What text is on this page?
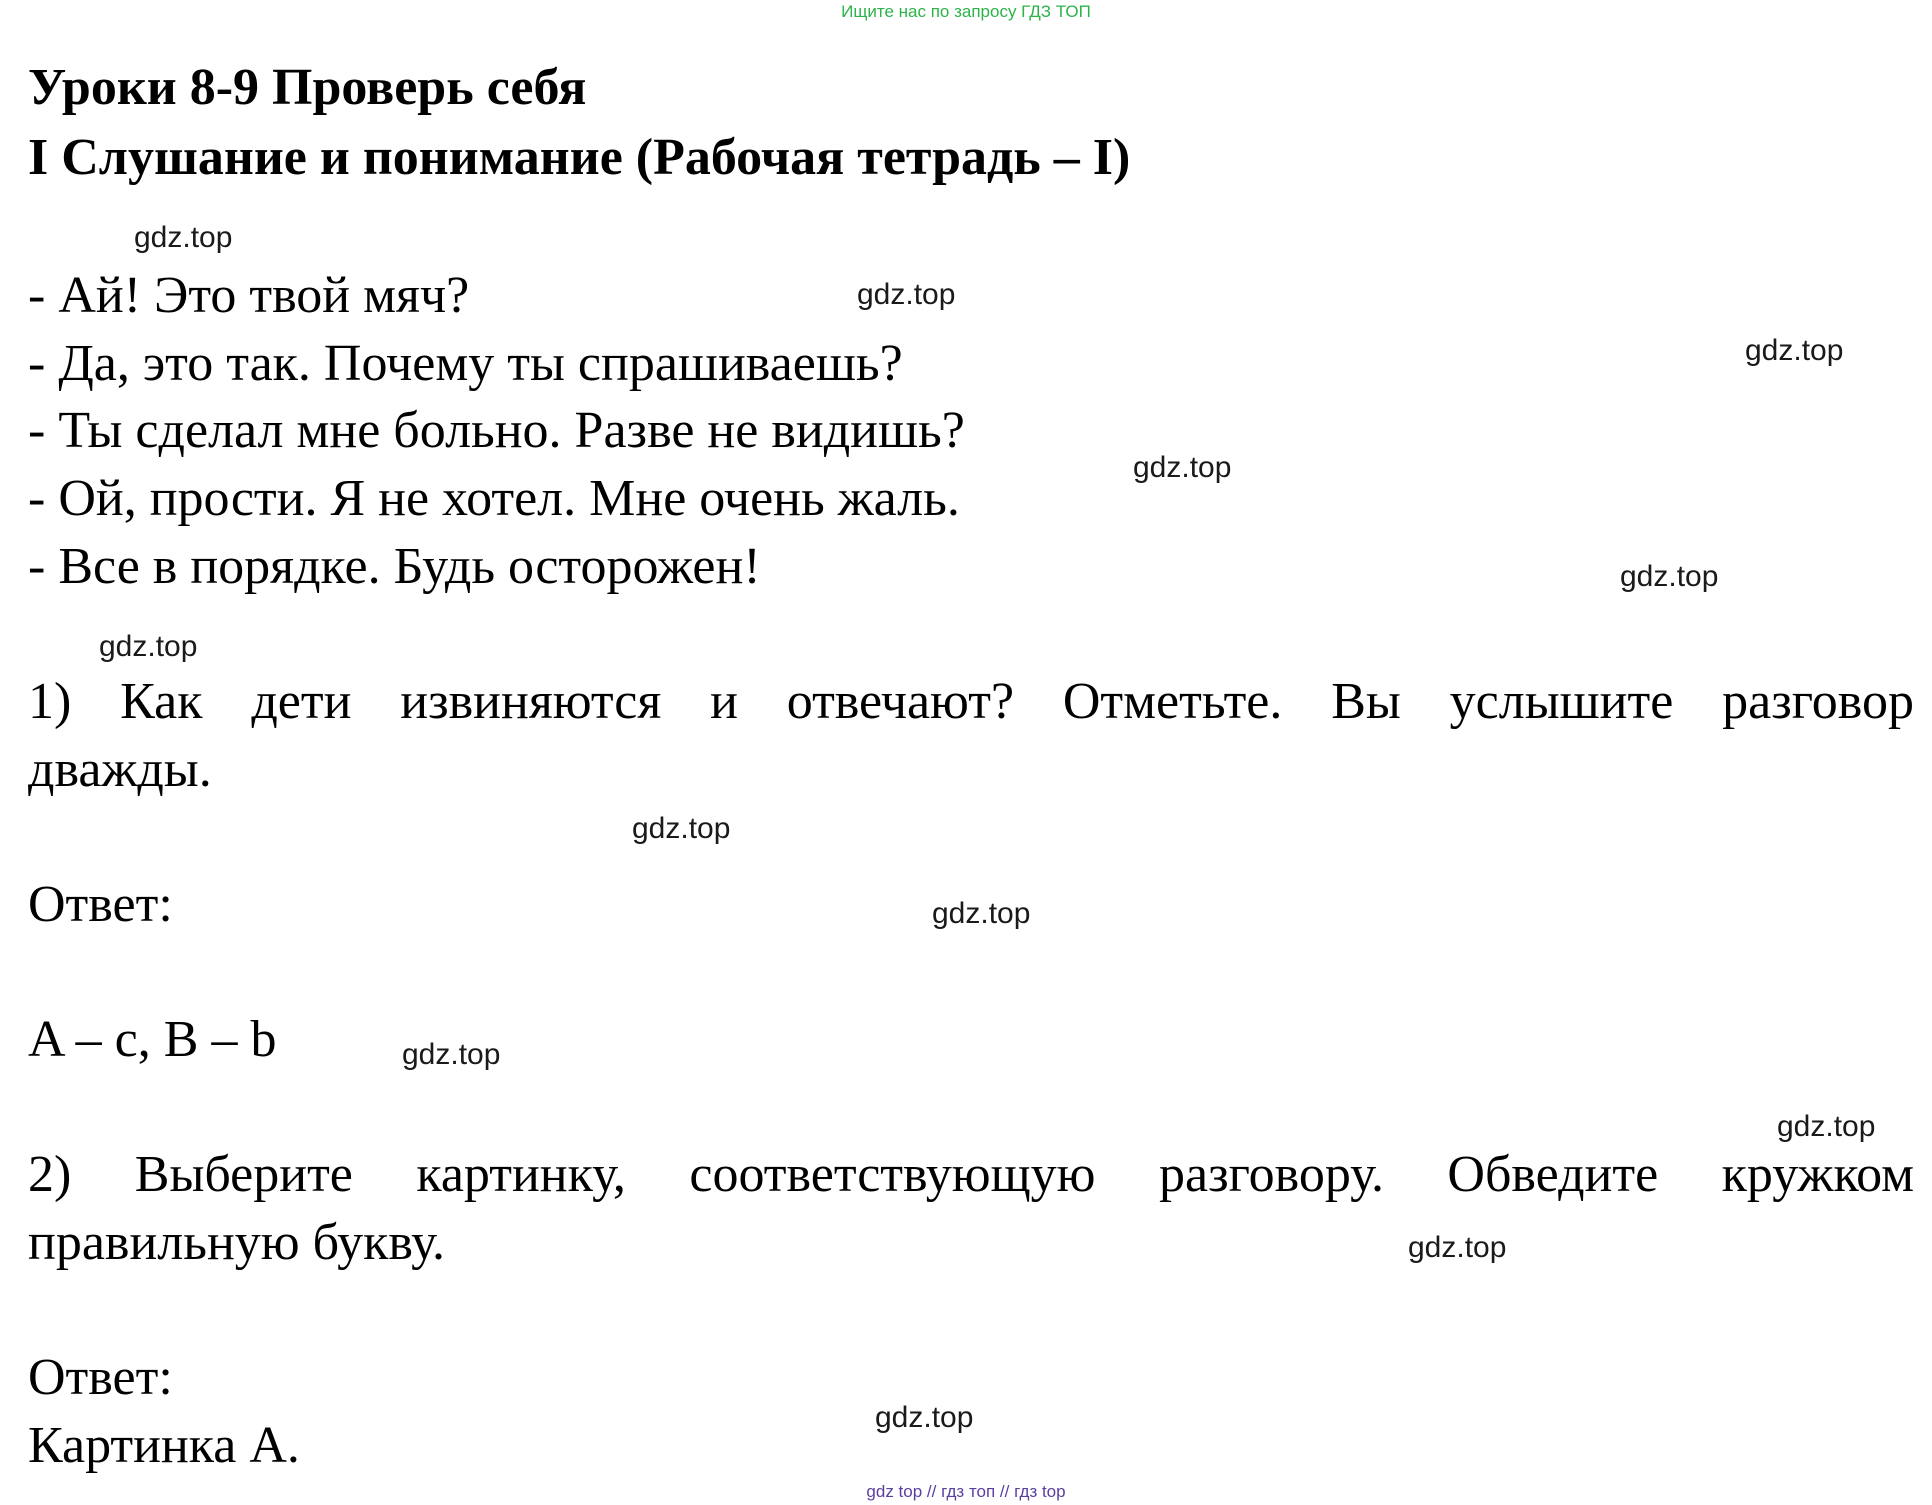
Ищите нас по запросу ГДЗ ТОП
Уроки 8-9 Проверь себя
I Слушание и понимание (Рабочая тетрадь – I)
- Ай! Это твой мяч?
- Да, это так. Почему ты спрашиваешь?
- Ты сделал мне больно. Разве не видишь?
- Ой, прости. Я не хотел. Мне очень жаль.
- Все в порядке. Будь осторожен!
1) Как дети извиняются и отвечают? Отметьте. Вы услышите разговор
дважды.
Ответ:
A – c, B – b
2) Выберите картинку, соответствующую разговору. Обведите кружком
правильную букву.
Ответ:
Картинка А.
gdz.top
gdz.top
gdz.top
gdz.top
gdz.top
gdz.top
gdz.top
gdz.top
gdz.top
gdz.top
gdz.top
gdz.top
gdz top // гдз топ // гдз top
